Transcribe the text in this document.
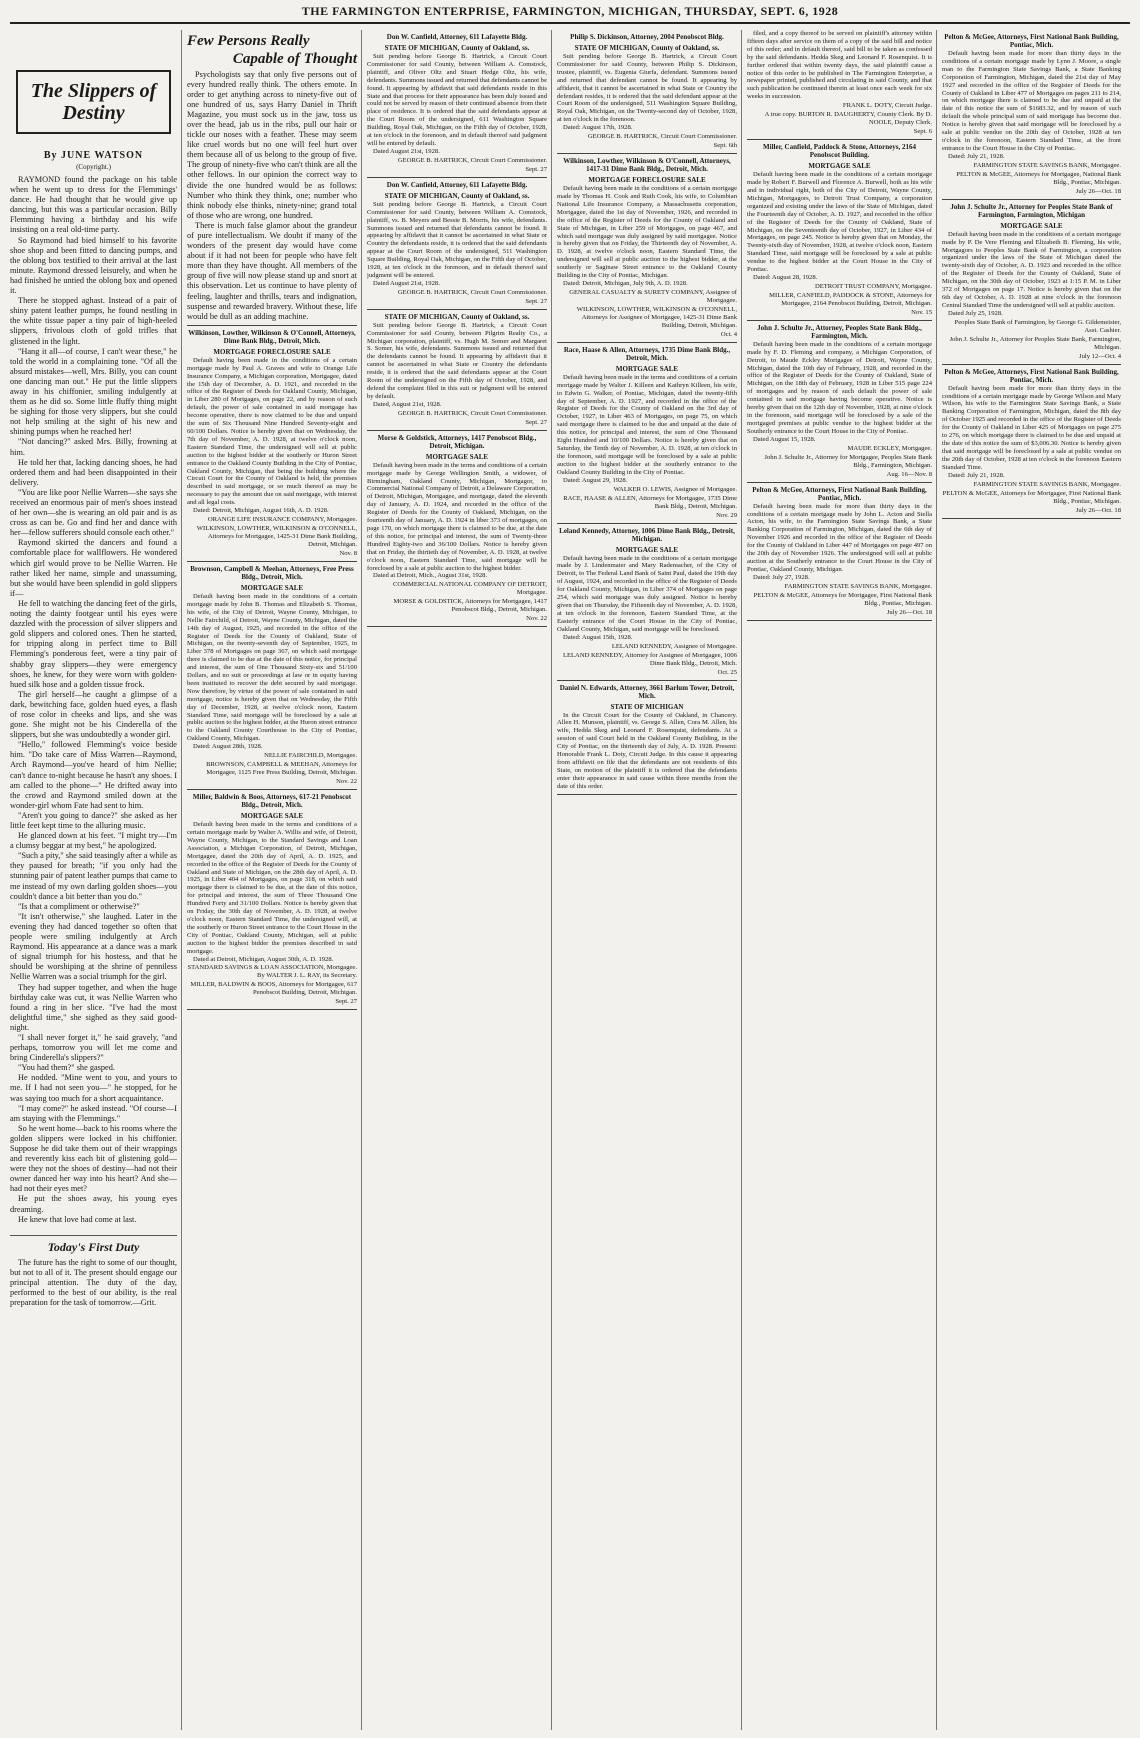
THE FARMINGTON ENTERPRISE, FARMINGTON, MICHIGAN, THURSDAY, SEPT. 6, 1928
The Slippers of Destiny
By JUNE WATSON
(Copyright.)

RAYMOND found the package on his table when he went up to dress for the Flemmings' dance. He had thought that he would give up dancing, but this was a particular occasion. Billy Flemming having a birthday and his wife insisting on a real old-time party.

So Raymond had bied himself to his favorite shoe shop and been fitted to dancing pumps, and the oblong box testified to their arrival at the last minute. Raymond dressed leisurely, and when he had finished he untied the oblong box and opened it.

There he stopped aghast. Instead of a pair of shiny patent leather pumps, he found nestling in the white tissue paper a tiny pair of high-heeled slippers, frivolous cloth of gold trifles that glistened in the light.

"Hang it all—of course, I can't wear these," he told the world in a complaining tone. "Of all the absurd mistakes—well, Mrs. Billy, you can count one dancing man out." He put the little slippers away in his chiffonier, smiling indulgently at them as he did so. Some little fluffy thing might be sighing for those very slippers, but she could not help smiling at the sight of his new and shining pumps when he reached her!

"Not dancing?" asked Mrs. Billy, frowning at him.

He told her that, lacking dancing shoes, he had ordered them and had been disappointed in their delivery.

"You are like poor Nellie Warren—she says she received an enormous pair of men's shoes instead of her own—she is wearing an old pair and is as cross as can be. Go and find her and dance with her—fellow sufferers should console each other."

Raymond skirted the dancers and found a comfortable place for wallflowers. He wondered which girl would prove to be Nellie Warren. He rather liked her name, simple and unassuming, but she would have been splendid in gold slippers if—

He fell to watching the dancing feet of the girls, noting the dainty footgear until his eyes were dazzled with the procession of silver slippers and gold slippers and colored ones. Then he started, for tripping along in perfect time to Bill Flemming's ponderous feet, were a tiny pair of shabby gray slippers—they were emergency shoes, he knew, for they were worn with golden-hued silk hose and a golden tissue frock.

The girl herself—he caught a glimpse of a dark, bewitching face, golden hued eyes, a flash of rose color in cheeks and lips, and she was gone. She might not be his Cinderella of the slippers, but she was undoubtedly a wonder girl.

"Hello," followed Flemming's voice beside him. "Do take care of Miss Warren—Raymond, Arch Raymond—you've heard of him Nellie; can't dance to-night because he hasn't any shoes. I am called to the phone—" He drifted away into the crowd and Raymond smiled down at the wonder-girl whom Fate had sent to him.

"Aren't you going to dance?" she asked as her little feet kept time to the alluring music.

He glanced down at his feet. "I might try—I'm a clumsy beggar at my best," he apologized.

"Such a pity," she said teasingly after a while as they paused for breath; "if you only had the stunning pair of patent leather pumps that came to me instead of my own darling golden shoes—you couldn't dance a bit better than you do."

"Is that a compliment or otherwise?"

"It isn't otherwise," she laughed. Later in the evening they had danced together so often that people were smiling indulgently at Arch Raymond. His appearance at a dance was a mark of signal triumph for his hostess, and that he should be worshiping at the shrine of penniless Nellie Warren was a social triumph for the girl.

They had supper together, and when the huge birthday cake was cut, it was Nellie Warren who found a ring in her slice. "I've had the most delightful time," she sighed as they said good-night.

"I shall never forget it," he said gravely, "and perhaps, tomorrow you will let me come and bring Cinderella's slippers?"

"You had them?" she gasped.

He nodded. "Mine went to you, and yours to me. If I had not seen you—" he stopped, for he was saying too much for a short acquaintance.

"I may come?" he asked instead. "Of course—I am staying with the Flemmings."

So he went home—back to his rooms where the golden slippers were locked in his chiffonier. Suppose he did take them out of their wrappings and reverently kiss each bit of glistening gold—were they not the shoes of destiny—had not their owner danced her way into his heart? And she—had not their eyes met?

He put the shoes away, his young eyes dreaming.

He knew that love had come at last.

Today's First Duty

The future has the right to some of our thought, but not to all of it. The present should engage our principal attention. The duty of the day, performed to the best of our ability, is the real preparation for the task of tomorrow.—Grit.

Few Persons Really
Capable of Thought

Psychologists say that only five persons out of every hundred really think. The others emote. In order to get anything across to ninety-five out of one hundred of us, says Harry Daniel in Thrift Magazine, you must sock us in the jaw, toss us over the head, jab us in the ribs, pull our hair or tickle our noses with a feather. These may seem like cruel words but no one will feel hurt over them because all of us belong to the group of five. The group of ninety-five who can't think are all the other fellows. In our opinion the correct way to divide the one hundred would be as follows: Number who think they think, one; number who think nobody else thinks, ninety-nine; grand total of those who are wrong, one hundred.

There is much false glamor about the grandeur of pure intellectualism. We doubt if many of the wonders of the present day would have come about if it had not been for people who have felt more than they have thought. All members of the group of five will now please stand up and snort at this observation. Let us continue to have plenty of feeling, laughter and thrills, tears and indignation, suspense and rewarded bravery. Without these, life would be dull as an adding machine.

Wilkinson, Lowther, Wilkinson & O'Connell, Attorneys, Dime Bank Bldg., Detroit, Mich.
MORTGAGE FORECLOSURE SALE

Default having been made in the conditions of a certain mortgage made by Paul A. Graves and wife to Orange Life Insurance Company, a Michigan corporation, Mortgagee, dated the 15th day of December, A. D. 1921, and recorded in the office of the Register of Deeds for Oakland County, Michigan, in Liber 280 of Mortgages, on page 22, and by reason of such default, the power of sale contained in said mortgage has become operative, there is now claimed to be due and unpaid the sum of Six Thousand Nine Hundred Seventy-eight and 60/100 Dollars. Notice is hereby given that on Wednesday, the 7th day of November, A. D. 1928, at twelve o'clock noon, Eastern Standard Time, the undersigned will sell at public auction to the highest bidder at the southerly or Huron Street entrance to the Oakland County Building in the City of Pontiac, Oakland County, Michigan, that being the building where the Circuit Court for the County of Oakland is held, the premises described in said mortgage, or so much thereof as may be necessary to pay the amount due on said mortgage, with interest and all legal costs.

Dated: Detroit, Michigan, August 16th, A. D. 1928.

ORANGE LIFE INSURANCE COMPANY, Mortgagee.
WILKINSON, LOWTHER, WILKINSON & O'CONNELL, Attorneys for Mortgagee, 1425-31 Dime Bank Building, Detroit, Michigan.
Nov. 8
Brownson, Campbell & Meehan, Attorneys, Free Press Bldg., Detroit, Mich.
MORTGAGE SALE

Default having been made in the conditions of a certain mortgage made by John B. Thomas and Elizabeth S. Thomas, his wife, of the City of Detroit, Wayne County, Michigan, to Nellie Fairchild, of Detroit, Wayne County, Michigan, dated the 14th day of August, 1925, and recorded in the office of the Register of Deeds for the County of Oakland, State of Michigan, on the twenty-seventh day of September, 1925, in Liber 378 of Mortgages on page 367, on which said mortgage there is claimed to be due at the date of this notice, for principal and interest, the sum of One Thousand Sixty-six and 51/100 Dollars, and no suit or proceedings at law or in equity having been instituted to recover the debt secured by said mortgage. Now therefore, by virtue of the power of sale contained in said mortgage, notice is hereby given that on Wednesday, the Fifth day of December, 1928, at twelve o'clock noon, Eastern Standard Time, said mortgage will be foreclosed by a sale at public auction to the highest bidder, at the Huron street entrance to the Oakland County Courthouse in the City of Pontiac, Oakland County, Michigan.

Dated: August 28th, 1928.

NELLIE FAIRCHILD, Mortgagee.
BROWNSON, CAMPBELL & MEEHAN, Attorneys for Mortgagee, 1125 Free Press Building, Detroit, Michigan.
Nov. 22
Miller, Baldwin & Boos, Attorneys, 617-21 Penobscot Bldg., Detroit, Mich.
MORTGAGE SALE

Default having been made in the terms and conditions of a certain mortgage made by Walter A. Willis and wife, of Detroit, Wayne County, Michigan, to the Standard Savings and Loan Association, a Michigan Corporation, of Detroit, Michigan, Mortgagee, dated the 20th day of April, A. D. 1925, and recorded in the office of the Register of Deeds for the County of Oakland and State of Michigan, on the 28th day of April, A. D. 1925, in Liber 404 of Mortgages, on page 318, on which said mortgage there is claimed to be due, at the date of this notice, for principal and interest, the sum of Three Thousand One Hundred Forty and 31/100 Dollars. Notice is hereby given that on Friday, the 30th day of November, A. D. 1928, at twelve o'clock noon, Eastern Standard Time, the undersigned will, at the southerly or Huron Street entrance to the Court House in the City of Pontiac, Oakland County, Michigan, sell at public auction to the highest bidder the premises described in said mortgage.

Dated at Detroit, Michigan, August 30th, A. D. 1928.

STANDARD SAVINGS & LOAN ASSOCIATION, Mortgagee. By WALTER J. L. RAY, its Secretary.
MILLER, BALDWIN & BOOS, Attorneys for Mortgagee, 617 Penobscot Building, Detroit, Michigan.
Sept. 27
Don W. Canfield, Attorney, 611 Lafayette Bldg.
STATE OF MICHIGAN, County of Oakland, ss.

Suit pending before George B. Hartrick, a Circuit Court Commissioner for said County, between William A. Comstock, plaintiff, and Oliver Oltz and Stuart Hedge Oltz, his wife, defendants. Summons issued and returned that defendants cannot be found. It appearing by affidavit that said defendants reside in this State and that process for their appearance has been duly issued and could not be served by reason of their continued absence from their place of residence. It is ordered that the said defendants appear at the Court Room of the undersigned, 611 Washington Square Building, Royal Oak, Michigan, on the Fifth day of October, 1928, at ten o'clock in the forenoon, and in default thereof said judgment will be entered by default.

Dated August 21st, 1928.

GEORGE B. HARTRICK, Circuit Court Commissioner.
Sept. 27
Don W. Canfield, Attorney, 611 Lafayette Bldg.
STATE OF MICHIGAN, County of Oakland, ss.

Suit pending before George B. Hartrick, a Circuit Court Commissioner for said County, between William A. Comstock, plaintiff, vs. B. Meyers and Bessie B. Morris, his wife, defendants. Summons issued and returned that defendants cannot be found. It appearing by affidavit that it cannot be ascertained in what State or Country the defendants reside, it is ordered that the said defendants appear at the Court Room of the undersigned, 511 Washington Square Building, Royal Oak, Michigan, on the Fifth day of October, 1928, at ten o'clock in the forenoon, and in default thereof said judgment will be entered.

Dated August 21st, 1928.

GEORGE B. HARTRICK, Circuit Court Commissioner.
Sept. 27
STATE OF MICHIGAN, County of Oakland, ss.

Suit pending before George B. Hartrick, a Circuit Court Commissioner for said County, between Pilgrim Realty Co., a Michigan corporation, plaintiff, vs. Hugh M. Somer and Margaret S. Somer, his wife, defendants. Summons issued and returned that the defendants cannot be found. It appearing by affidavit that it cannot be ascertained in what State or Country the defendants reside, it is ordered that the said defendants appear at the Court Room of the undersigned on the Fifth day of October, 1928, and defend the complaint filed in this suit or judgment will be entered by default.

Dated, August 21st, 1928.

GEORGE B. HARTRICK, Circuit Court Commissioner.
Sept. 27
Morse & Goldstick, Attorneys, 1417 Penobscot Bldg., Detroit, Michigan.
MORTGAGE SALE

Default having been made in the terms and conditions of a certain mortgage made by George Wellington Smith, a widower, of Birmingham, Oakland County, Michigan, Mortgagor, to Commercial National Company of Detroit, a Delaware Corporation, of Detroit, Michigan, Mortgagee, and mortgage, dated the eleventh day of January, A. D. 1924, and recorded in the office of the Register of Deeds for the County of Oakland, Michigan, on the fourteenth day of January, A. D. 1924 in liber 373 of mortgages, on page 170, on which mortgage there is claimed to be due, at the date of this notice, for principal and interest, the sum of Twenty-three Hundred Eighty-two and 36/100 Dollars. Notice is hereby given that on Friday, the thirtieth day of November, A. D. 1928, at twelve o'clock noon, Eastern Standard Time, said mortgage will be foreclosed by a sale at public auction to the highest bidder.

Dated at Detroit, Mich., August 31st, 1928.

COMMERCIAL NATIONAL COMPANY OF DETROIT, Mortgagee.
MORSE & GOLDSTICK, Attorneys for Mortgagee, 1417 Penobscot Bldg., Detroit, Michigan.
Nov. 22
Philip S. Dickinson, Attorney, 2004 Penobscot Bldg.
STATE OF MICHIGAN, County of Oakland, ss.

Suit pending before George B. Hartrick, a Circuit Court Commissioner for said County, between Philip S. Dickinson, trustee, plaintiff, vs. Eugenia Giurfa, defendant. Summons issued and returned that defendant cannot be found. It appearing by affidavit, that it cannot be ascertained in what State or Country the defendant resides, it is ordered that the said defendant appear at the Court Room of the undersigned, 511 Washington Square Building, Royal Oak, Michigan, on the Twenty-second day of October, 1928, at ten o'clock in the forenoon.

Dated: August 17th, 1928.

GEORGE B. HARTRICK, Circuit Court Commissioner.
Sept. 6th
Wilkinson, Lowther, Wilkinson & O'Connell, Attorneys, 1417-31 Dime Bank Bldg., Detroit, Mich.
MORTGAGE FORECLOSURE SALE

Default having been made in the conditions of a certain mortgage made by Thomas H. Cook and Ruth Cook, his wife, to Columbian National Life Insurance Company, a Massachusetts corporation, Mortgagee, dated the 1st day of November, 1926, and recorded in the office of the Register of Deeds for the County of Oakland and State of Michigan, in Liber 259 of Mortgages, on page 467, and which said mortgage was duly assigned by said mortgagee. Notice is hereby given that on Friday, the Thirteenth day of November, A. D. 1928, at twelve o'clock noon, Eastern Standard Time, the undersigned will sell at public auction to the highest bidder, at the southerly or Saginaw Street entrance to the Oakland County Building in the City of Pontiac, Michigan.

Dated: Detroit, Michigan, July 9th, A. D. 1928.

GENERAL CASUALTY & SURETY COMPANY, Assignee of Mortgagee.
WILKINSON, LOWTHER, WILKINSON & O'CONNELL, Attorneys for Assignee of Mortgagee, 1425-31 Dime Bank Building, Detroit, Michigan.
Oct. 4
Race, Haase & Allen, Attorneys, 1735 Dime Bank Bldg., Detroit, Mich.
MORTGAGE SALE

Default having been made in the terms and conditions of a certain mortgage made by Walter J. Killeen and Kathryn Killeen, his wife, to Edwin G. Walker, of Pontiac, Michigan, dated the twenty-fifth day of September, A. D. 1927, and recorded in the office of the Register of Deeds for the County of Oakland on the 3rd day of October, 1927, in Liber 463 of Mortgages, on page 75, on which said mortgage there is claimed to be due and unpaid at the date of this notice, for principal and interest, the sum of One Thousand Eight Hundred and 10/100 Dollars. Notice is hereby given that on Saturday, the Tenth day of November, A. D. 1928, at ten o'clock in the forenoon, said mortgage will be foreclosed by a sale at public auction to the highest bidder at the southerly entrance to the Oakland County Building in the City of Pontiac.

Dated: August 29, 1928.

WALKER O. LEWIS, Assignee of Mortgagee.
RACE, HAASE & ALLEN, Attorneys for Mortgagee, 1735 Dime Bank Bldg., Detroit, Michigan.
Nov. 29
Leland Kennedy, Attorney, 1006 Dime Bank Bldg., Detroit, Michigan.
MORTGAGE SALE

Default having been made in the conditions of a certain mortgage made by J. Lindenmaier and Mary Rademacher, of the City of Detroit, to The Federal Land Bank of Saint Paul, dated the 19th day of August, 1924, and recorded in the office of the Register of Deeds for Oakland County, Michigan, in Liber 374 of Mortgages on page 254, which said mortgage was duly assigned. Notice is hereby given that on Thursday, the Fifteenth day of November, A. D. 1928, at ten o'clock in the forenoon, Eastern Standard Time, at the Easterly entrance of the Court House in the City of Pontiac, Oakland County, Michigan, said mortgage will be foreclosed.

Dated: August 15th, 1928.

LELAND KENNEDY, Assignee of Mortgagee.
LELAND KENNEDY, Attorney for Assignee of Mortgagee, 1006 Dime Bank Bldg., Detroit, Mich.
Oct. 25
Daniel N. Edwards, Attorney, 3661 Barlum Tower, Detroit, Mich.
STATE OF MICHIGAN

In the Circuit Court for the County of Oakland, in Chancery. Allen H. Munson, plaintiff, vs. George S. Allen, Cora M. Allen, his wife, Hedda Skeg and Leonard F. Rosenquist, defendants. At a session of said Court held in the Oakland County Building, in the City of Pontiac, on the thirteenth day of July, A. D. 1928. Present: Honorable Frank L. Doty, Circuit Judge. In this cause it appearing from affidavit on file that the defendants are not residents of this State, on motion of the plaintiff it is ordered that the defendants enter their appearance in said cause within three months from the date of this order.

filed, and a copy thereof to be served on plaintiff's attorney within fifteen days after service on them of a copy of the said bill and notice of this order; and in default thereof, said bill to be taken as confessed by the said defendants. Hedda Skeg and Leonard F. Rosenquist. It is further ordered that within twenty days, the said plaintiff cause a notice of this order to be published in The Farmington Enterprise, a newspaper printed, published and circulating in said County, and that such publication be continued therein at least once each week for six weeks in succession.

FRANK L. DOTY, Circuit Judge.
A true copy. BURTON R. DAUGHERTY, County Clerk. By D. NOOLE, Deputy Clerk.
Sept. 6
Miller, Canfield, Paddock & Stone, Attorneys, 2164 Penobscot Building.
MORTGAGE SALE

Default having been made in the conditions of a certain mortgage made by Robert F. Burwell and Florence A. Burwell, both as his wife and in individual right, both of the City of Detroit, Wayne County, Michigan, Mortgagors, to Detroit Trust Company, a corporation organized and existing under the laws of the State of Michigan, dated the Fourteenth day of October, A. D. 1927, and recorded in the office of the Register of Deeds for the County of Oakland, State of Michigan, on the Seventeenth day of October, 1927, in Liber 434 of Mortgages, on page 245. Notice is hereby given that on Monday, the Twenty-sixth day of November, 1928, at twelve o'clock noon, Eastern Standard Time, said mortgage will be foreclosed by a sale at public vendue to the highest bidder at the Court House in the City of Pontiac.

Dated: August 28, 1928.

DETROIT TRUST COMPANY, Mortgagee.
MILLER, CANFIELD, PADDOCK & STONE, Attorneys for Mortgagee, 2164 Penobscot Building, Detroit, Michigan.
Nov. 15
John J. Schulte Jr., Attorney, Peoples State Bank Bldg., Farmington, Mich.

Default having been made in the conditions of a certain mortgage made by F. D. Fleming and company, a Michigan Corporation, of Detroit, to Maude Eckley Mortgagee of Detroit, Wayne County, Michigan, dated the 10th day of February, 1928, and recorded in the office of the Register of Deeds for the County of Oakland, State of Michigan, on the 18th day of February, 1928 in Liber 515 page 224 of mortgages and by reason of such default the power of sale contained in said mortgage having become operative. Notice is hereby given that on the 12th day of November, 1928, at nine o'clock in the forenoon, said mortgage will be foreclosed by a sale of the mortgaged premises at public vendue to the highest bidder at the Southerly entrance to the Court House in the City of Pontiac.

Dated August 15, 1928.

MAUDE ECKLEY, Mortgagee.
John J. Schulte Jr., Attorney for Mortgagee, Peoples State Bank Bldg., Farmington, Michigan.
Aug. 16—Nov. 8
Pelton & McGee, Attorneys, First National Bank Building, Pontiac, Mich.

Default having been made for more than thirty days in the conditions of a certain mortgage made by John L. Acton and Stella Acton, his wife, to the Farmington State Savings Bank, a State Banking Corporation of Farmington, Michigan, dated the 6th day of November 1926 and recorded in the office of the Register of Deeds for the County of Oakland in Liber 447 of Mortgages on page 497 on the 20th day of November 1926. The undersigned will sell at public auction at the Southerly entrance to the Court House in the City of Pontiac, Oakland County, Michigan.

Dated: July 27, 1928.

FARMINGTON STATE SAVINGS BANK, Mortgagee.
PELTON & McGEE, Attorneys for Mortgagee, First National Bank Bldg., Pontiac, Michigan.
July 26—Oct. 18
Pelton & McGee, Attorneys, First National Bank Building, Pontiac, Mich.

Default having been made for more than thirty days in the conditions of a certain mortgage made by Lynn J. Moore, a single man to the Farmington State Savings Bank, a State Banking Corporation of Farmington, Michigan, dated the 21st day of May 1927 and recorded in the office of the Register of Deeds for the County of Oakland in Liber 477 of Mortgages on pages 211 to 214, on which mortgage there is claimed to be due and unpaid at the date of this notice the sum of $1683.32, and by reason of such default the whole principal sum of said mortgage has become due. Notice is hereby given that said mortgage will be foreclosed by a sale at public vendue on the 20th day of October, 1928 at ten o'clock in the forenoon, Eastern Standard Time, at the front entrance to the Court House in the City of Pontiac.

Dated: July 21, 1928.

FARMINGTON STATE SAVINGS BANK, Mortgagee.
PELTON & McGEE, Attorneys for Mortgagee, National Bank Bldg., Pontiac, Michigan.
July 26—Oct. 18
John J. Schulte Jr., Attorney for Peoples State Bank of Farmington, Farmington, Michigan
MORTGAGE SALE

Default having been made in the conditions of a certain mortgage made by P. De Vere Fleming and Elizabeth B. Fleming, his wife, Mortgagors to Peoples State Bank of Farmington, a corporation organized under the laws of the State of Michigan dated the twenty-sixth day of October, A. D. 1923 and recorded in the office of the Register of Deeds for the County of Oakland, State of Michigan, on the 30th day of October, 1923 at 1:15 P. M. in Liber 372 of Mortgages on page 17. Notice is hereby given that on the 6th day of October, A. D. 1928 at nine o'clock in the forenoon Central Standard Time the undersigned will sell at public auction.

Dated July 25, 1928.

Peoples State Bank of Farmington, by George G. Gildemeister, Asst. Cashier.
John J. Schulte Jr., Attorney for Peoples State Bank, Farmington, Michigan.
July 12—Oct. 4
Pelton & McGee, Attorneys, First National Bank Building, Pontiac, Mich.

Default having been made for more than thirty days in the conditions of a certain mortgage made by George Wilson and Mary Wilson, his wife to the Farmington State Savings Bank, a State Banking Corporation of Farmington, Michigan, dated the 8th day of October 1925 and recorded in the office of the Register of Deeds for the County of Oakland in Liber 425 of Mortgages on page 275 to 276, on which mortgage there is claimed to be due and unpaid at the date of this notice the sum of $3,006.30. Notice is hereby given that said mortgage will be foreclosed by a sale at public vendue on the 20th day of October, 1928 at ten o'clock in the forenoon Eastern Standard Time.

Dated: July 21, 1928.

FARMINGTON STATE SAVINGS BANK, Mortgagee.
PELTON & McGEE, Attorneys for Mortgagee, First National Bank Bldg., Pontiac, Michigan.
July 26—Oct. 18
